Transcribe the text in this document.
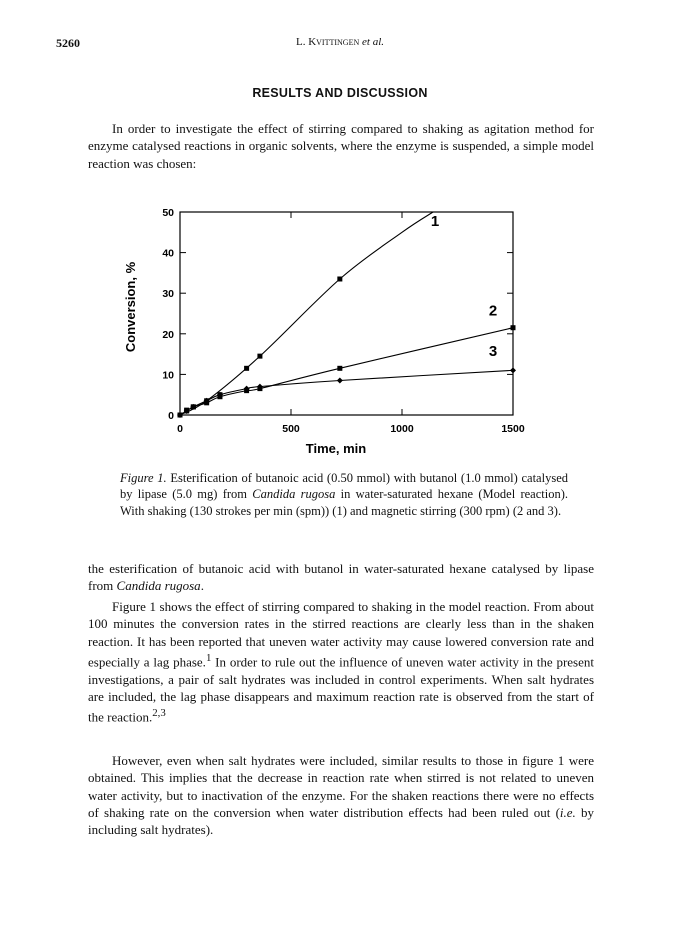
5260	L. Kvittingen et al.
RESULTS AND DISCUSSION

In order to investigate the effect of stirring compared to shaking as agitation method for enzyme catalysed reactions in organic solvents, where the enzyme is suspended, a simple model reaction was chosen:

0	500	1000	1500
0
10
20
30
40
50	1
2
3
Time, min
Conversion, %

Figure 1. Esterification of butanoic acid (0.50 mmol) with butanol (1.0 mmol) catalysed by lipase (5.0 mg) from Candida rugosa in water-saturated hexane (Model reaction). With shaking (130 strokes per min (spm)) (1) and magnetic stirring (300 rpm) (2 and 3).

the esterification of butanoic acid with butanol in water-saturated hexane catalysed by lipase from Candida rugosa.

Figure 1 shows the effect of stirring compared to shaking in the model reaction. From about 100 minutes the conversion rates in the stirred reactions are clearly less than in the shaken reaction. It has been reported that uneven water activity may cause lowered conversion rate and especially a lag phase.$^1$ In order to rule out the influence of uneven water activity in the present investigations, a pair of salt hydrates was included in control experiments. When salt hydrates are included, the lag phase disappears and maximum reaction rate is observed from the start of the reaction.$^{2,3}$

However, even when salt hydrates were included, similar results to those in figure 1 were obtained. This implies that the decrease in reaction rate when stirred is not related to uneven water activity, but to inactivation of the enzyme. For the shaken reactions there were no effects of shaking rate on the conversion when water distribution effects had been ruled out (i.e. by including salt hydrates).
